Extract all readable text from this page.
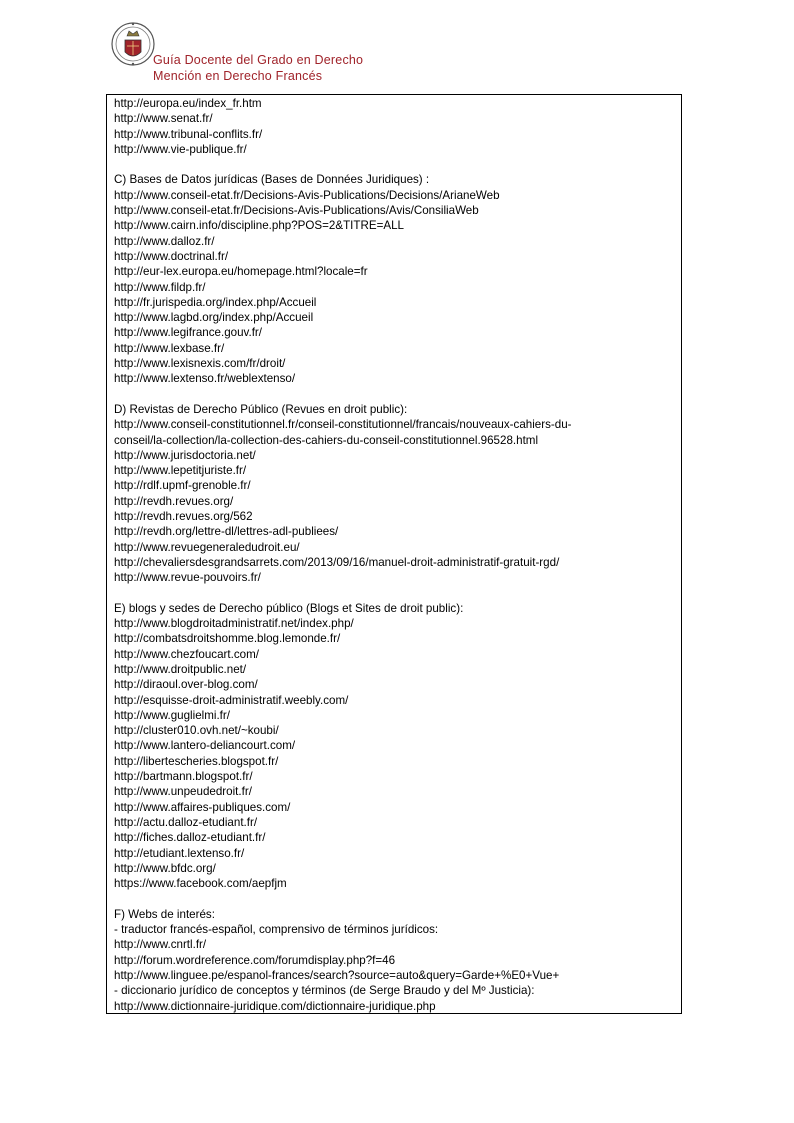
Guía Docente del Grado en Derecho
Mención en Derecho Francés
http://europa.eu/index_fr.htm
http://www.senat.fr/
http://www.tribunal-conflits.fr/
http://www.vie-publique.fr/
C) Bases de Datos jurídicas (Bases de Données Juridiques) :
http://www.conseil-etat.fr/Decisions-Avis-Publications/Decisions/ArianeWeb
http://www.conseil-etat.fr/Decisions-Avis-Publications/Avis/ConsiliaWeb
http://www.cairn.info/discipline.php?POS=2&TITRE=ALL
http://www.dalloz.fr/
http://www.doctrinal.fr/
http://eur-lex.europa.eu/homepage.html?locale=fr
http://www.fildp.fr/
http://fr.jurispedia.org/index.php/Accueil
http://www.lagbd.org/index.php/Accueil
http://www.legifrance.gouv.fr/
http://www.lexbase.fr/
http://www.lexisnexis.com/fr/droit/
http://www.lextenso.fr/weblextenso/
D) Revistas de Derecho Público (Revues en droit public):
http://www.conseil-constitutionnel.fr/conseil-constitutionnel/francais/nouveaux-cahiers-du-
conseil/la-collection/la-collection-des-cahiers-du-conseil-constitutionnel.96528.html
http://www.jurisdoctoria.net/
http://www.lepetitjuriste.fr/
http://rdlf.upmf-grenoble.fr/
http://revdh.revues.org/
http://revdh.revues.org/562
http://revdh.org/lettre-dl/lettres-adl-publiees/
http://www.revuegeneraledudroit.eu/
http://chevaliersdesgrandsarrets.com/2013/09/16/manuel-droit-administratif-gratuit-rgd/
http://www.revue-pouvoirs.fr/
E) blogs y sedes de Derecho público (Blogs et Sites de droit public):
http://www.blogdroitadministratif.net/index.php/
http://combatsdroitshomme.blog.lemonde.fr/
http://www.chezfoucart.com/
http://www.droitpublic.net/
http://diraoul.over-blog.com/
http://esquisse-droit-administratif.weebly.com/
http://www.guglielmi.fr/
http://cluster010.ovh.net/~koubi/
http://www.lantero-deliancourt.com/
http://libertescheries.blogspot.fr/
http://bartmann.blogspot.fr/
http://www.unpeudedroit.fr/
http://www.affaires-publiques.com/
http://actu.dalloz-etudiant.fr/
http://fiches.dalloz-etudiant.fr/
http://etudiant.lextenso.fr/
http://www.bfdc.org/
https://www.facebook.com/aepfjm
F) Webs de interés:
- traductor francés-español, comprensivo de términos jurídicos:
http://www.cnrtl.fr/
http://forum.wordreference.com/forumdisplay.php?f=46
http://www.linguee.pe/espanol-frances/search?source=auto&query=Garde+%E0+Vue+
- diccionario jurídico de conceptos y términos (de Serge Braudo y del Mº Justicia):
http://www.dictionnaire-juridique.com/dictionnaire-juridique.php
